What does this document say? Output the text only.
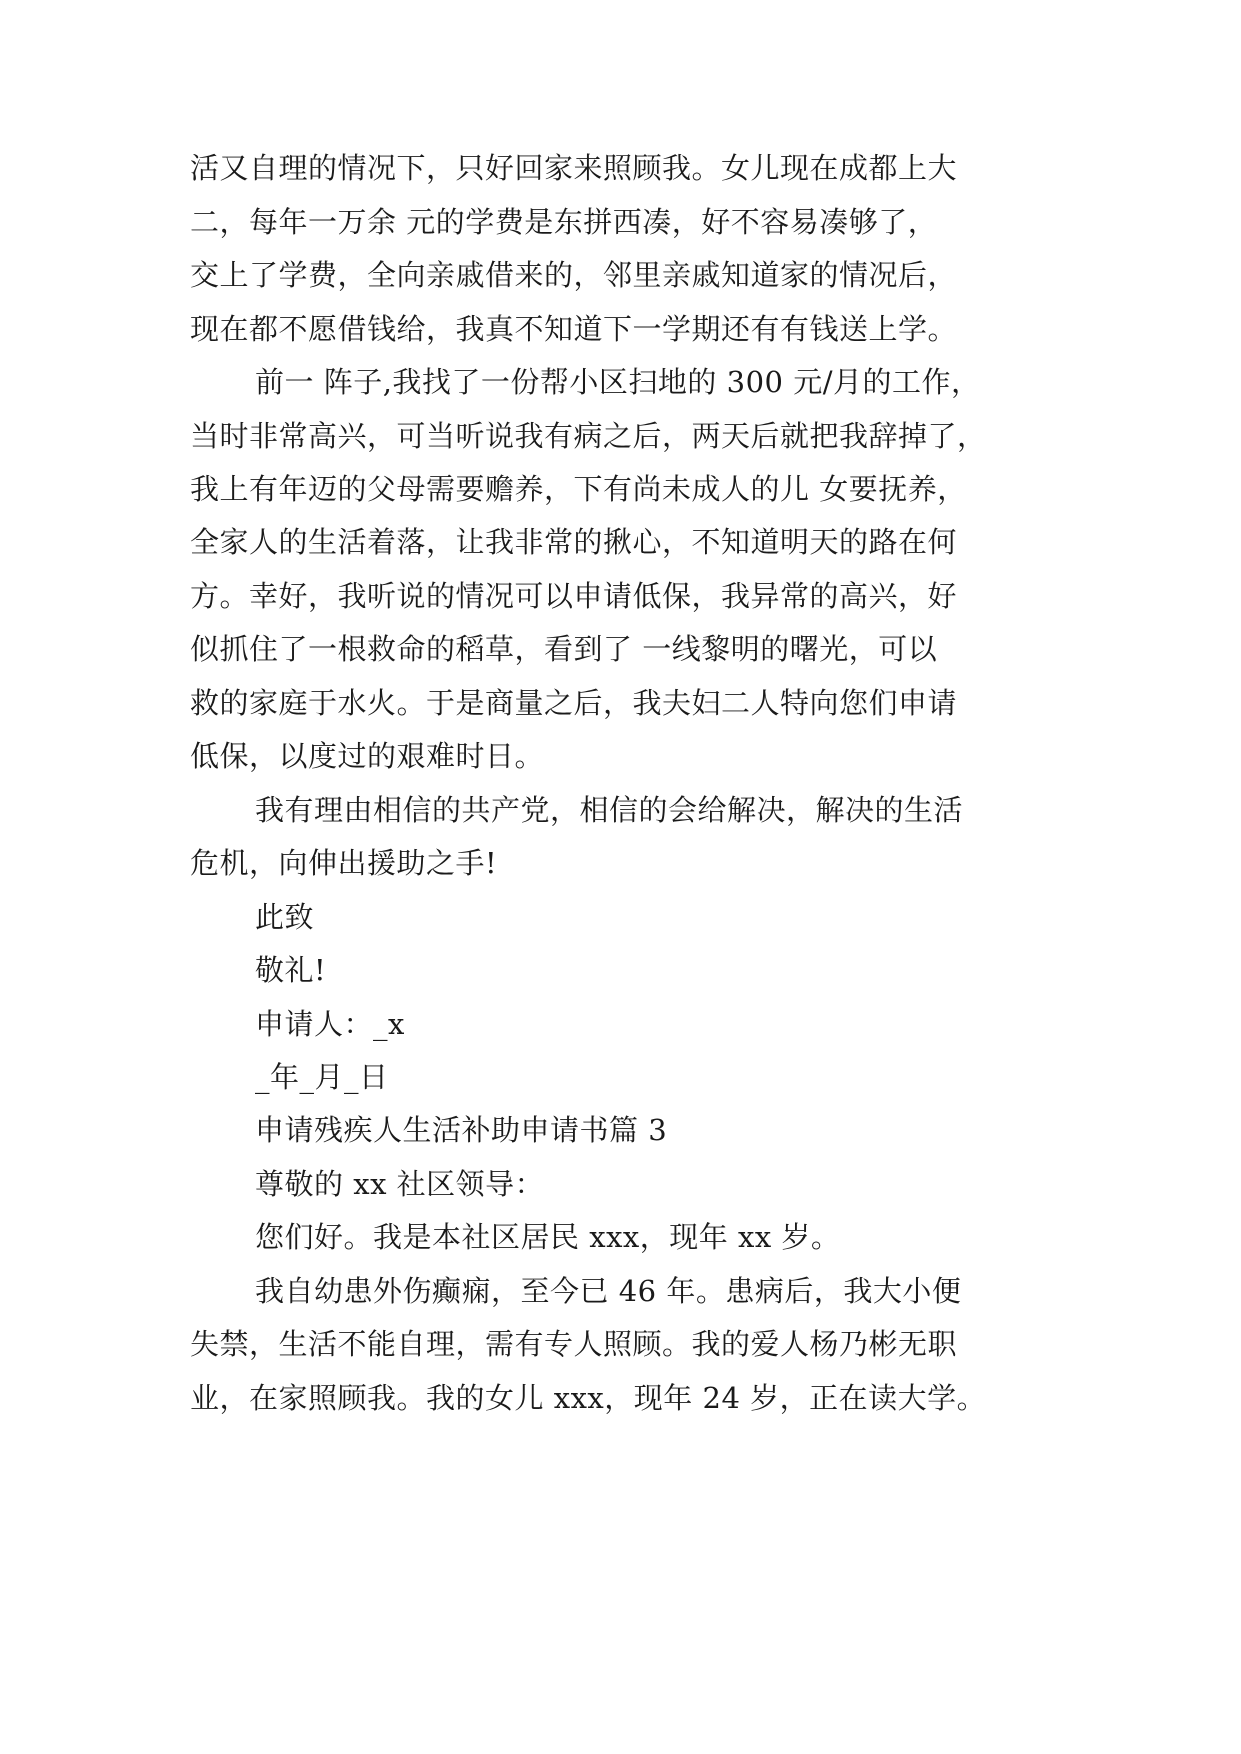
活又自理的情况下，只好回家来照顾我。女儿现在成都上大
二，每年一万余 元的学费是东拼西凑，好不容易凑够了，
交上了学费，全向亲戚借来的，邻里亲戚知道家的情况后，
现在都不愿借钱给，我真不知道下一学期还有有钱送上学。
前一 阵子,我找了一份帮小区扫地的 300 元/月的工作，
当时非常高兴，可当听说我有病之后，两天后就把我辞掉了，
我上有年迈的父母需要赡养，下有尚未成人的儿 女要抚养，
全家人的生活着落，让我非常的揪心，不知道明天的路在何
方。幸好，我听说的情况可以申请低保，我异常的高兴，好
似抓住了一根救命的稻草，看到了 一线黎明的曙光，可以
救的家庭于水火。于是商量之后，我夫妇二人特向您们申请
低保，以度过的艰难时日。
我有理由相信的共产党，相信的会给解决，解决的生活
危机，向伸出援助之手!
此致
敬礼!
申请人：_x
_年_月_日
申请残疾人生活补助申请书篇 3
尊敬的 xx 社区领导：
您们好。我是本社区居民 xxx，现年 xx 岁。
我自幼患外伤癫痫，至今已 46 年。患病后，我大小便
失禁，生活不能自理，需有专人照顾。我的爱人杨乃彬无职
业，在家照顾我。我的女儿 xxx，现年 24 岁，正在读大学。
